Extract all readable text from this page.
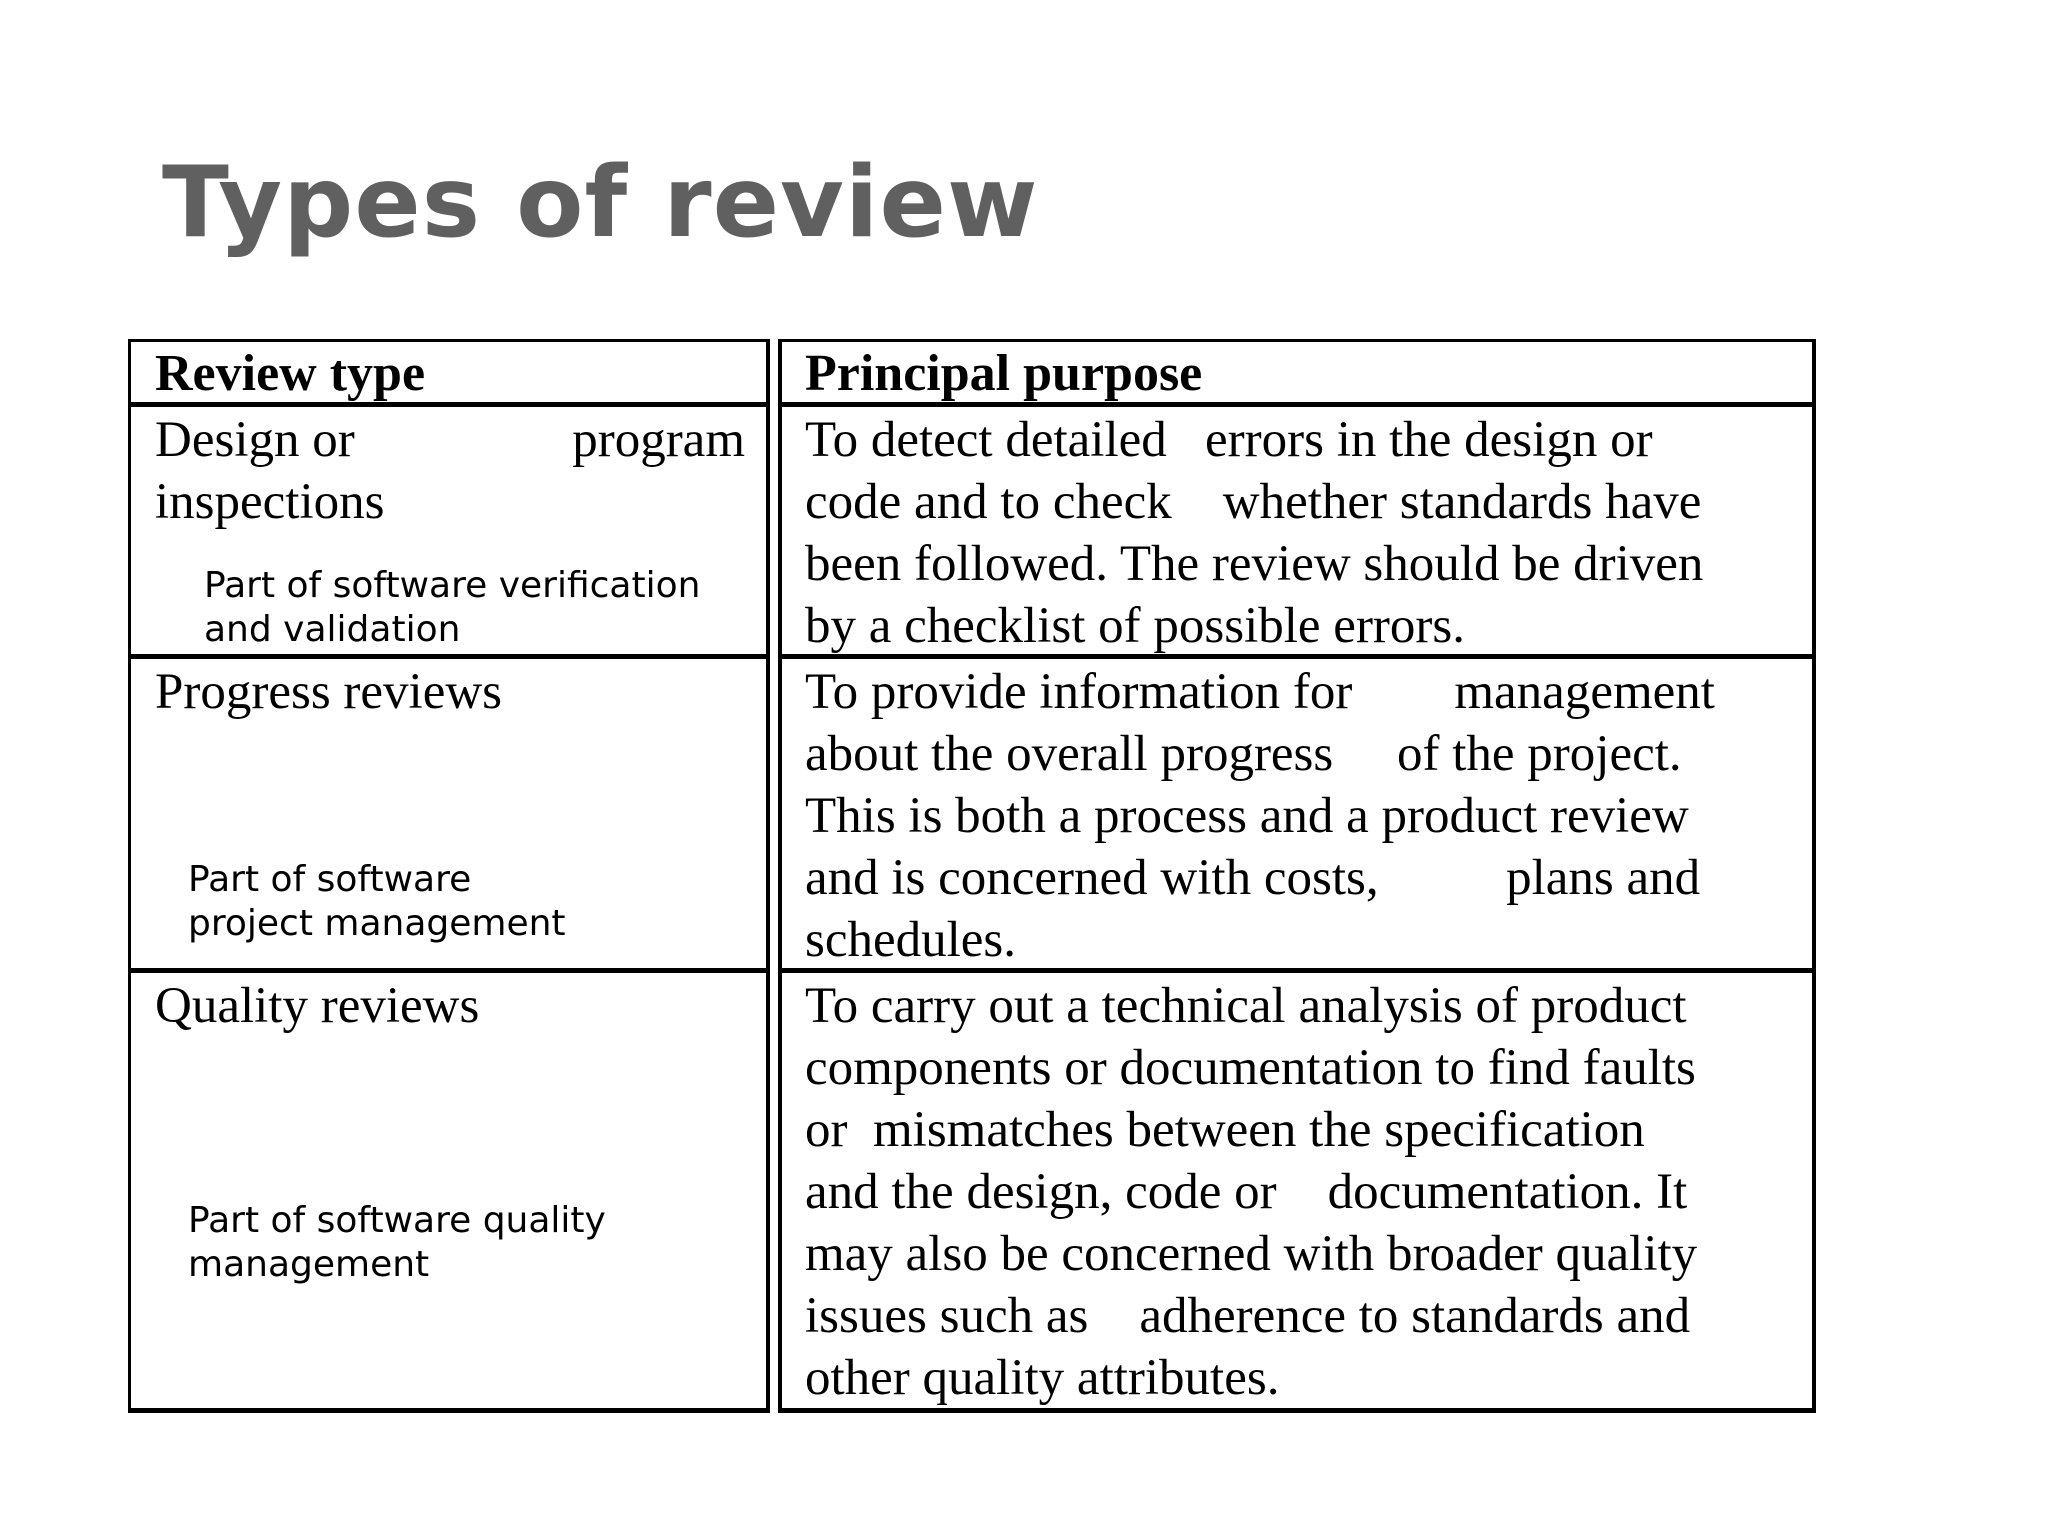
Types of review
Review type	Principal purpose
Design or	program
inspections
Part of software verification
and validation
To detect detailed   errors in the design or
code and to check    whether standards have
been followed. The review should be driven
by a checklist of possible errors.
Progress reviews
Part of software
project management
To provide information for        management
about the overall progress     of the project.
This is both a process and a product review
and is concerned with costs,          plans and
schedules.
Quality reviews
Part of software quality
management
To carry out a technical analysis of product
components or documentation to find faults
or  mismatches between the specification
and the design, code or    documentation. It
may also be concerned with broader quality
issues such as    adherence to standards and
other quality attributes.
